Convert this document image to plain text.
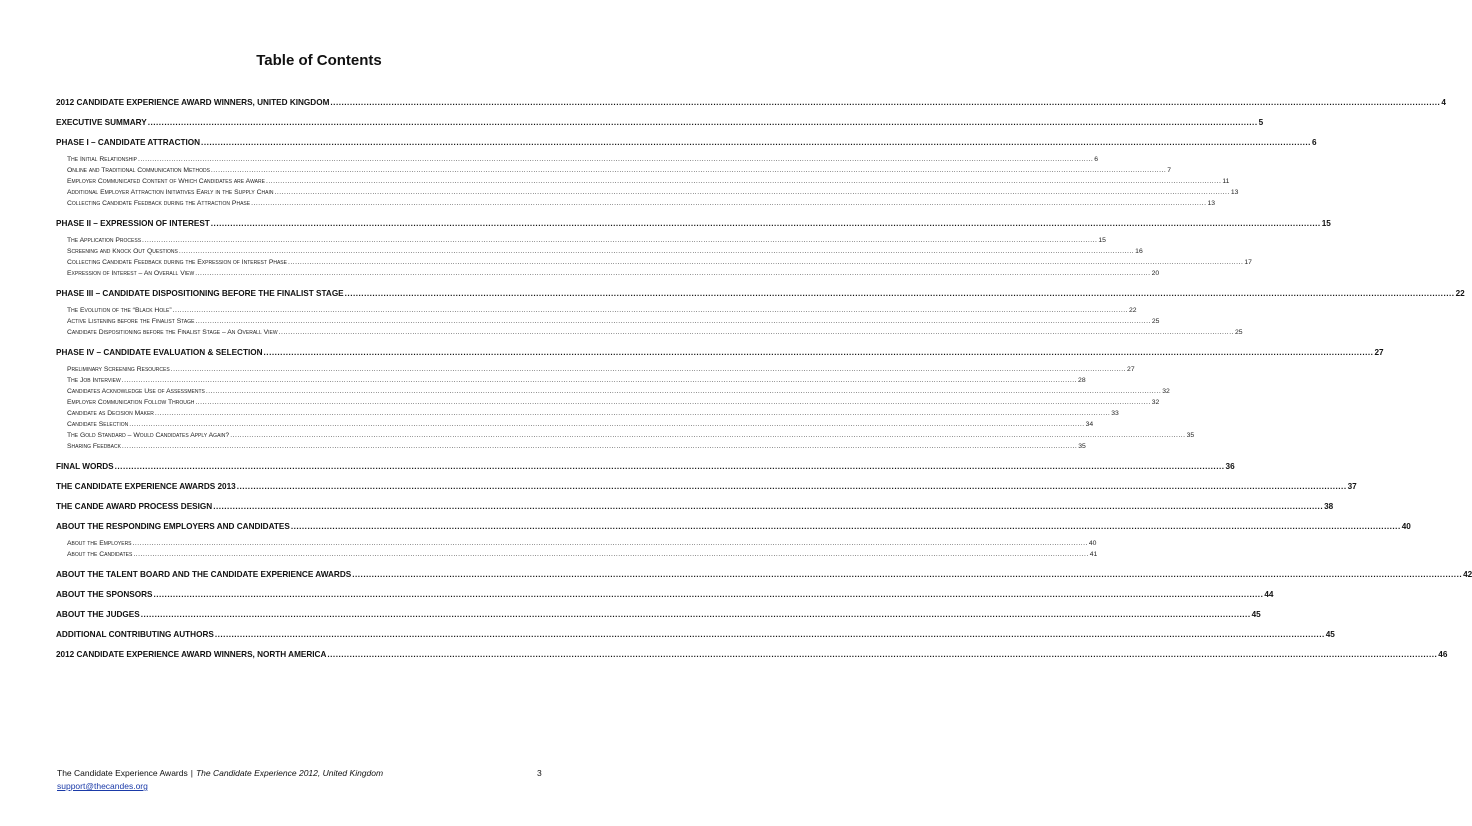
Table of Contents
2012 CANDIDATE EXPERIENCE AWARD WINNERS, UNITED KINGDOM ................................................................................................................................................................................................................................................................................................................................................................................................................ 4
EXECUTIVE SUMMARY ................................................................................................................................................................................................................................................................................................................................................................................................................ 5
PHASE I – CANDIDATE ATTRACTION ................................................................................................................................................................................................................................................................................................................................................................................................................ 6
The Initial Relationship ................................................................................................................................................................................................................................................................................................................................................................................................................ 6
Online and Traditional Communication Methods ................................................................................................................................................................................................................................................................................................................................................................................................................ 7
Employer Communicated Content of Which Candidates are Aware ................................................................................................................................................................................................................................................................................................................................................................................................................ 11
Additional Employer Attraction Initiatives Early in the Supply Chain ................................................................................................................................................................................................................................................................................................................................................................................................................ 13
Collecting Candidate Feedback during the Attraction Phase ................................................................................................................................................................................................................................................................................................................................................................................................................ 13
PHASE II – EXPRESSION OF INTEREST ................................................................................................................................................................................................................................................................................................................................................................................................................ 15
The Application Process ................................................................................................................................................................................................................................................................................................................................................................................................................ 15
Screening and Knock Out Questions ................................................................................................................................................................................................................................................................................................................................................................................................................ 16
Collecting Candidate Feedback during the Expression of Interest Phase ................................................................................................................................................................................................................................................................................................................................................................................................................ 17
Expression of Interest – An Overall View ................................................................................................................................................................................................................................................................................................................................................................................................................ 20
PHASE III – CANDIDATE DISPOSITIONING BEFORE THE FINALIST STAGE ................................................................................................................................................................................................................................................................................................................................................................................................................ 22
The Evolution of the “Black Hole” ................................................................................................................................................................................................................................................................................................................................................................................................................ 22
Active Listening before the Finalist Stage ................................................................................................................................................................................................................................................................................................................................................................................................................ 25
Candidate Dispositioning before the Finalist Stage – An Overall View ................................................................................................................................................................................................................................................................................................................................................................................................................ 25
PHASE IV – CANDIDATE EVALUATION & SELECTION ................................................................................................................................................................................................................................................................................................................................................................................................................ 27
Preliminary Screening Resources ................................................................................................................................................................................................................................................................................................................................................................................................................ 27
The Job Interview ................................................................................................................................................................................................................................................................................................................................................................................................................ 28
Candidates Acknowledge Use of Assessments ................................................................................................................................................................................................................................................................................................................................................................................................................ 32
Employer Communication Follow Through ................................................................................................................................................................................................................................................................................................................................................................................................................ 32
Candidate as Decision Maker ................................................................................................................................................................................................................................................................................................................................................................................................................ 33
Candidate Selection ................................................................................................................................................................................................................................................................................................................................................................................................................ 34
The Gold Standard – Would Candidates Apply Again? ................................................................................................................................................................................................................................................................................................................................................................................................................ 35
Sharing Feedback ................................................................................................................................................................................................................................................................................................................................................................................................................ 35
FINAL WORDS ................................................................................................................................................................................................................................................................................................................................................................................................................ 36
THE CANDIDATE EXPERIENCE AWARDS 2013 ................................................................................................................................................................................................................................................................................................................................................................................................................ 37
THE CANDE AWARD PROCESS DESIGN ................................................................................................................................................................................................................................................................................................................................................................................................................ 38
ABOUT THE RESPONDING EMPLOYERS AND CANDIDATES ................................................................................................................................................................................................................................................................................................................................................................................................................ 40
About the Employers ................................................................................................................................................................................................................................................................................................................................................................................................................ 40
About the Candidates ................................................................................................................................................................................................................................................................................................................................................................................................................ 41
ABOUT THE TALENT BOARD AND THE CANDIDATE EXPERIENCE AWARDS ................................................................................................................................................................................................................................................................................................................................................................................................................ 42
ABOUT THE SPONSORS ................................................................................................................................................................................................................................................................................................................................................................................................................ 44
ABOUT THE JUDGES ................................................................................................................................................................................................................................................................................................................................................................................................................ 45
ADDITIONAL CONTRIBUTING AUTHORS ................................................................................................................................................................................................................................................................................................................................................................................................................ 45
2012 CANDIDATE EXPERIENCE AWARD WINNERS, NORTH AMERICA ................................................................................................................................................................................................................................................................................................................................................................................................................ 46
The Candidate Experience Awards | The Candidate Experience 2012, United Kingdom	3
support@thecandes.org
